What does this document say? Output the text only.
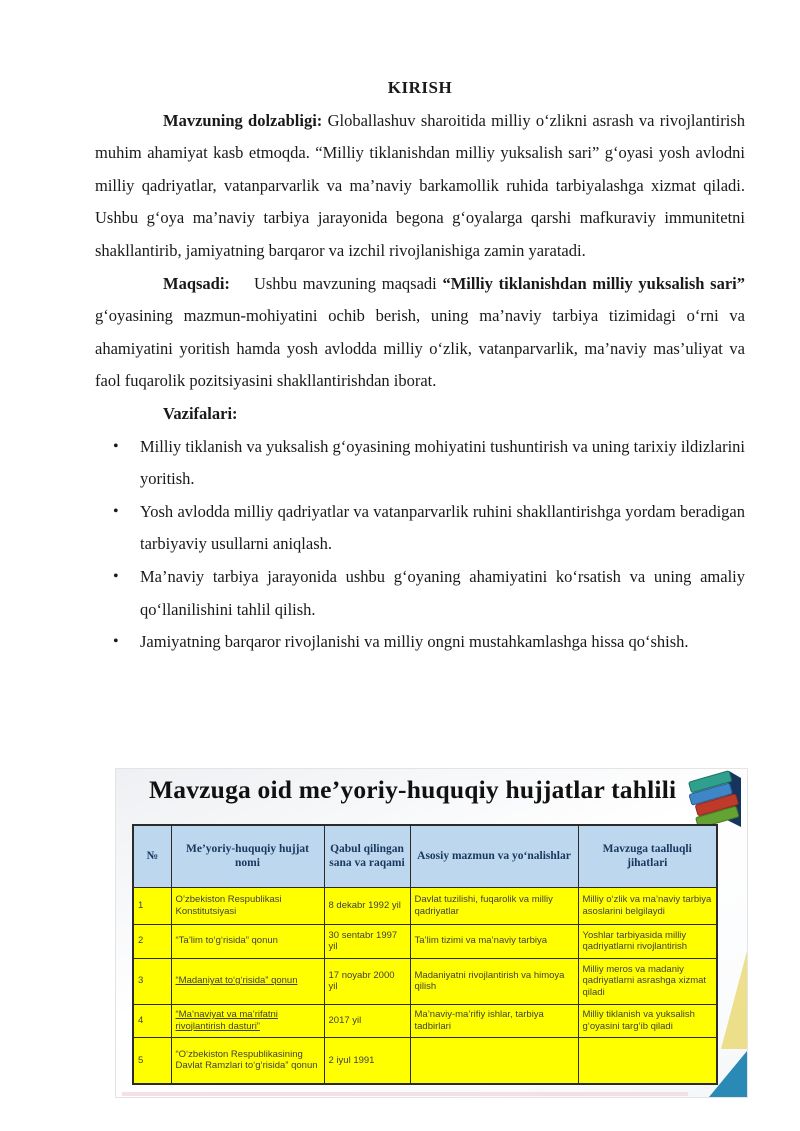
KIRISH

Mavzuning dolzabligi: Globallashuv sharoitida milliy o‘zlikni asrash va rivojlantirish muhim ahamiyat kasb etmoqda. “Milliy tiklanishdan milliy yuksalish sari” g‘oyasi yosh avlodni milliy qadriyatlar, vatanparvarlik va ma’naviy barkamollik ruhida tarbiyalashga xizmat qiladi. Ushbu g‘oya ma’naviy tarbiya jarayonida begona g‘oyalarga qarshi mafkuraviy immunitetni shakllantirib, jamiyatning barqaror va izchil rivojlanishiga zamin yaratadi.

Maqsadi: Ushbu mavzuning maqsadi “Milliy tiklanishdan milliy yuksalish sari” g‘oyasining mazmun-mohiyatini ochib berish, uning ma’naviy tarbiya tizimidagi o‘rni va ahamiyatini yoritish hamda yosh avlodda milliy o‘zlik, vatanparvarlik, ma’naviy mas’uliyat va faol fuqarolik pozitsiyasini shakllantirishdan iborat.

Vazifalari:

• Milliy tiklanish va yuksalish g‘oyasining mohiyatini tushuntirish va uning tarixiy ildizlarini yoritish.
• Yosh avlodda milliy qadriyatlar va vatanparvarlik ruhini shakllantirishga yordam beradigan tarbiyaviy usullarni aniqlash.
• Ma’naviy tarbiya jarayonida ushbu g‘oyaning ahamiyatini ko‘rsatish va uning amaliy qo‘llanilishini tahlil qilish.
• Jamiyatning barqaror rivojlanishi va milliy ongni mustahkamlashga hissa qo‘shish.
Mavzuga oid me’yoriy-huquqiy hujjatlar tahlili
№	Me’yoriy-huquqiy hujjat nomi	Qabul qilingan sana va raqami	Asosiy mazmun va yo‘nalishlar	Mavzuga taalluqli jihatlari
1	O’zbekiston Respublikasi Konstitutsiyasi	8 dekabr 1992 yil	Davlat tuzilishi, fuqarolik va milliy qadriyatlar	Milliy o‘zlik va ma’naviy tarbiya asoslarini belgilaydi
2	“Ta’lim to‘g‘risida” qonun	30 sentabr 1997 yil	Ta’lim tizimi va ma’naviy tarbiya	Yoshlar tarbiyasida milliy qadriyatlarni rivojlantirish
3	“Madaniyat to‘g‘risida” qonun	17 noyabr 2000 yil	Madaniyatni rivojlantirish va himoya qilish	Milliy meros va madaniy qadriyatlarni asrashga xizmat qiladi
4	“Ma’naviyat va ma’rifatni rivojlantirish dasturi”	2017 yil	Ma’naviy-ma’rifiy ishlar, tarbiya tadbirlari	Milliy tiklanish va yuksalish g‘oyasini targ‘ib qiladi
5	“O‘zbekiston Respublikasining Davlat Ramzlari to‘g‘risida” qonun	2 iyul 1991		
